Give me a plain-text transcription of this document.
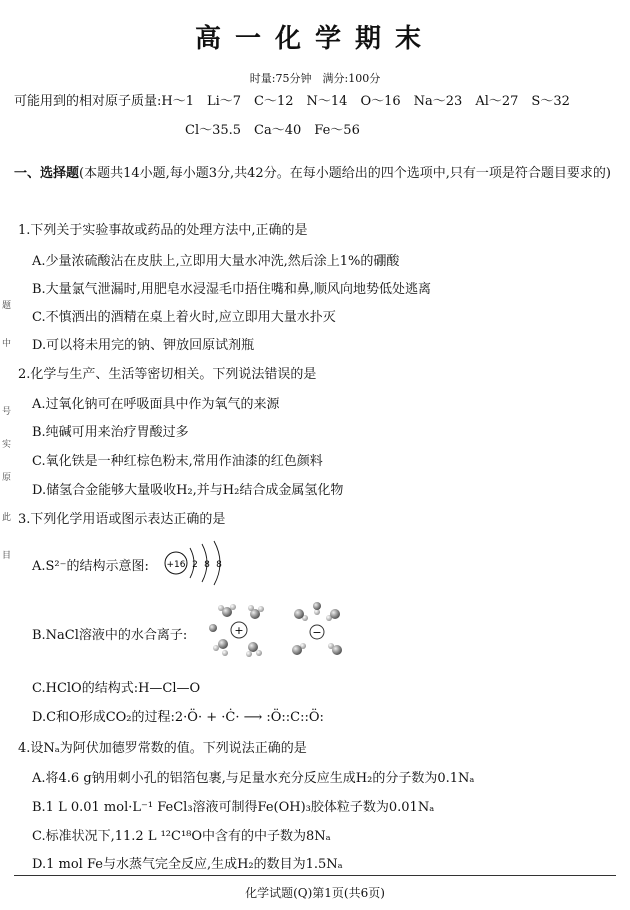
高一化学期末
时量:75分钟　满分:100分
可能用到的相对原子质量:H～1　Li～7　C～12　N～14　O～16　Na～23　Al～27　S～32
Cl～35.5　Ca～40　Fe～56
一、选择题(本题共14小题,每小题3分,共42分。在每小题给出的四个选项中,只有一项是符合题目要求的)
题
中
号
实
原
此
目
1.下列关于实验事故或药品的处理方法中,正确的是
A.少量浓硫酸沾在皮肤上,立即用大量水冲洗,然后涂上1%的硼酸
B.大量氯气泄漏时,用肥皂水浸湿毛巾捂住嘴和鼻,顺风向地势低处逃离
C.不慎洒出的酒精在桌上着火时,应立即用大量水扑灭
D.可以将未用完的钠、钾放回原试剂瓶
2.化学与生产、生活等密切相关。下列说法错误的是
A.过氧化钠可在呼吸面具中作为氧气的来源
B.纯碱可用来治疗胃酸过多
C.氧化铁是一种红棕色粉末,常用作油漆的红色颜料
D.储氢合金能够大量吸收H₂,并与H₂结合成金属氢化物
3.下列化学用语或图示表达正确的是
A.S²⁻的结构示意图: +16 2 8 8
B.NaCl溶液中的水合离子:	+	−
C.HClO的结构式:H—Cl—O
D.C和O形成CO₂的过程:2·Ö· + ·Ċ· ⟶ :Ö::C::Ö:
4.设Nₐ为阿伏加德罗常数的值。下列说法正确的是
A.将4.6 g钠用刺小孔的铝箔包裹,与足量水充分反应生成H₂的分子数为0.1Nₐ
B.1 L 0.01 mol·L⁻¹ FeCl₃溶液可制得Fe(OH)₃胶体粒子数为0.01Nₐ
C.标准状况下,11.2 L ¹²C¹⁸O中含有的中子数为8Nₐ
D.1 mol Fe与水蒸气完全反应,生成H₂的数目为1.5Nₐ
化学试题(Q)第1页(共6页)
